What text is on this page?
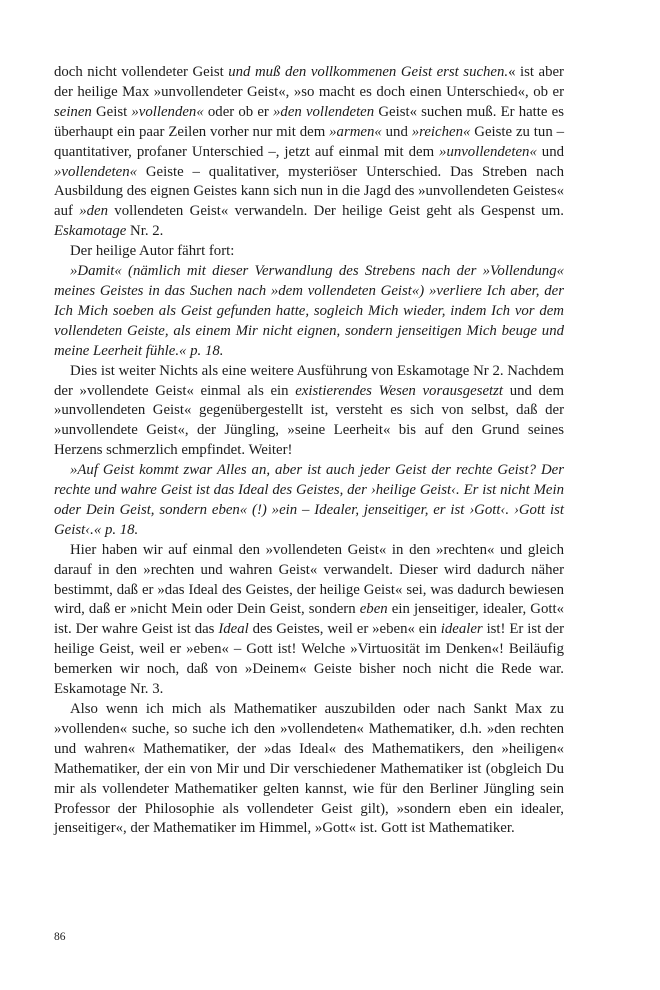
doch nicht vollendeter Geist und muß den vollkommenen Geist erst suchen.« ist aber der heilige Max »unvollendeter Geist«, »so macht es doch einen Unterschied«, ob er seinen Geist »vollenden« oder ob er »den vollendeten Geist« suchen muß. Er hatte es überhaupt ein paar Zeilen vorher nur mit dem »armen« und »reichen« Geiste zu tun – quantitativer, profaner Unterschied –, jetzt auf einmal mit dem »unvollendeten« und »vollendeten« Geiste – qualitativer, mysteriöser Unterschied. Das Streben nach Ausbildung des eignen Geistes kann sich nun in die Jagd des »unvollendeten Geistes« auf »den vollendeten Geist« verwandeln. Der heilige Geist geht als Gespenst um. Eskamotage Nr. 2.

Der heilige Autor fährt fort:

»Damit« (nämlich mit dieser Verwandlung des Strebens nach der »Vollendung« meines Geistes in das Suchen nach »dem vollendeten Geist«) »verliere Ich aber, der Ich Mich soeben als Geist gefunden hatte, sogleich Mich wieder, indem Ich vor dem vollendeten Geiste, als einem Mir nicht eignen, sondern jenseitigen Mich beuge und meine Leerheit fühle.« p. 18.

Dies ist weiter Nichts als eine weitere Ausführung von Eskamotage Nr 2. Nachdem der »vollendete Geist« einmal als ein existierendes Wesen vorausgesetzt und dem »unvollendeten Geist« gegenübergestellt ist, versteht es sich von selbst, daß der »unvollendete Geist«, der Jüngling, »seine Leerheit« bis auf den Grund seines Herzens schmerzlich empfindet. Weiter!

»Auf Geist kommt zwar Alles an, aber ist auch jeder Geist der rechte Geist? Der rechte und wahre Geist ist das Ideal des Geistes, der ›heilige Geist‹. Er ist nicht Mein oder Dein Geist, sondern eben« (!) »ein – Idealer, jenseitiger, er ist ›Gott‹. ›Gott ist Geist‹.« p. 18.

Hier haben wir auf einmal den »vollendeten Geist« in den »rechten« und gleich darauf in den »rechten und wahren Geist« verwandelt. Dieser wird dadurch näher bestimmt, daß er »das Ideal des Geistes, der heilige Geist« sei, was dadurch bewiesen wird, daß er »nicht Mein oder Dein Geist, sondern eben ein jenseitiger, idealer, Gott« ist. Der wahre Geist ist das Ideal des Geistes, weil er »eben« ein idealer ist! Er ist der heilige Geist, weil er »eben« – Gott ist! Welche »Virtuosität im Denken«! Beiläufig bemerken wir noch, daß von »Deinem« Geiste bisher noch nicht die Rede war. Eskamotage Nr. 3.

Also wenn ich mich als Mathematiker auszubilden oder nach Sankt Max zu »vollenden« suche, so suche ich den »vollendeten« Mathematiker, d.h. »den rechten und wahren« Mathematiker, der »das Ideal« des Mathematikers, den »heiligen« Mathematiker, der ein von Mir und Dir verschiedener Mathematiker ist (obgleich Du mir als vollendeter Mathematiker gelten kannst, wie für den Berliner Jüngling sein Professor der Philosophie als vollendeter Geist gilt), »sondern eben ein idealer, jenseitiger«, der Mathematiker im Himmel, »Gott« ist. Gott ist Mathematiker.

86
